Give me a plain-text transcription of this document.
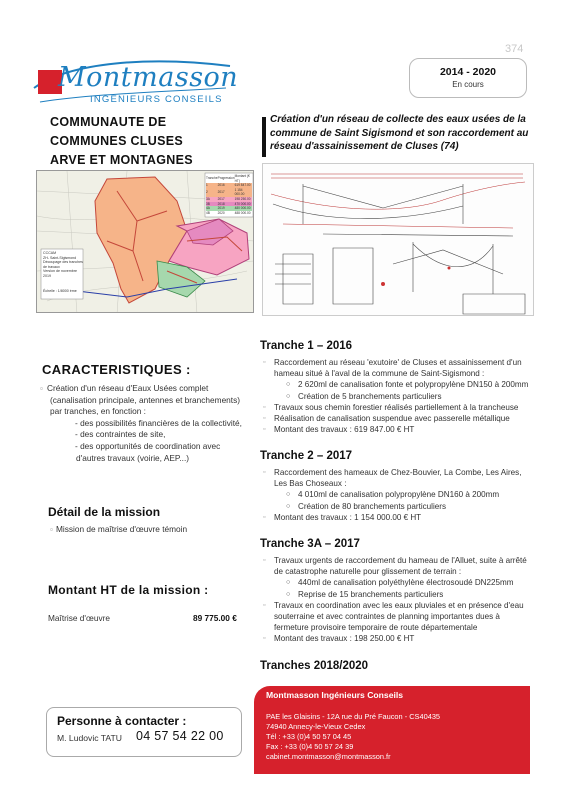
374
Montmasson
INGÉNIEURS CONSEILS
2014 - 2020
En cours
COMMUNAUTE DE
COMMUNES CLUSES
ARVE ET MONTAGNES
Création d'un réseau de collecte des eaux usées de la commune de Saint Sigismond et son raccordement au réseau d'assainissement de Cluses (74)
CCCAM
ZH- Saint-Sigismond
Découpage des tranches de travaux
Version de novembre 2019
Échelle : 1/8000 ème
Tranche	Progression	Montant (€ HT)
1	2016	619 847.00
2	2017	1 154 000.00
3A	2017	198 250.00
3B	2018	470 000.00
4A	2019	480 000.00
4B	2020	488 000.00
CARACTERISTIQUES :
▫ Création d'un réseau d'Eaux Usées complet
(canalisation principale, antennes et branchements)
par tranches, en fonction :
- des possibilités financières de la collectivité,
- des contraintes de site,
- des opportunités de coordination avec
d'autres travaux (voirie, AEP...)
Détail de la mission
▫ Mission de maîtrise d'œuvre témoin
Montant HT de la mission :
Maîtrise d'œuvre	89 775.00 €
Personne à contacter :
M. Ludovic TATU 04 57 54 22 00
Tranche 1 – 2016
▫ Raccordement au réseau 'exutoire' de Cluses et assainissement d'un hameau situé à l'aval de la commune de Saint-Sigismond :
○ 2 620ml de canalisation fonte et polypropylène DN150 à 200mm
○ Création de 5 branchements particuliers
▫ Travaux sous chemin forestier réalisés partiellement à la trancheuse
▫ Réalisation de canalisation suspendue avec passerelle métallique
▫ Montant des travaux : 619 847.00 € HT
Tranche 2 – 2017
▫ Raccordement des hameaux de Chez-Bouvier, La Combe, Les Aires, Les Bas Choseaux :
○ 4 010ml de canalisation polypropylène DN160 à 200mm
○ Création de 80 branchements particuliers
▫ Montant des travaux : 1 154 000.00 € HT
Tranche 3A – 2017
▫ Travaux urgents de raccordement du hameau de l'Alluet, suite à arrêté de catastrophe naturelle pour glissement de terrain :
○ 440ml de canalisation polyéthylène électrosoudé DN225mm
○ Reprise de 15 branchements particuliers
▫ Travaux en coordination avec les eaux pluviales et en présence d'eau souterraine et avec contraintes de planning importantes dues à fermeture provisoire temporaire de route départementale
▫ Montant des travaux : 198 250.00 € HT
Tranches 2018/2020
Montmasson Ingénieurs Conseils
PAE les Glaisins - 12A rue du Pré Faucon - CS40435
74940 Annecy-le-Vieux Cedex
Tél : +33 (0)4 50 57 04 45
Fax : +33 (0)4 50 57 24 39
cabinet.montmasson@montmasson.fr
